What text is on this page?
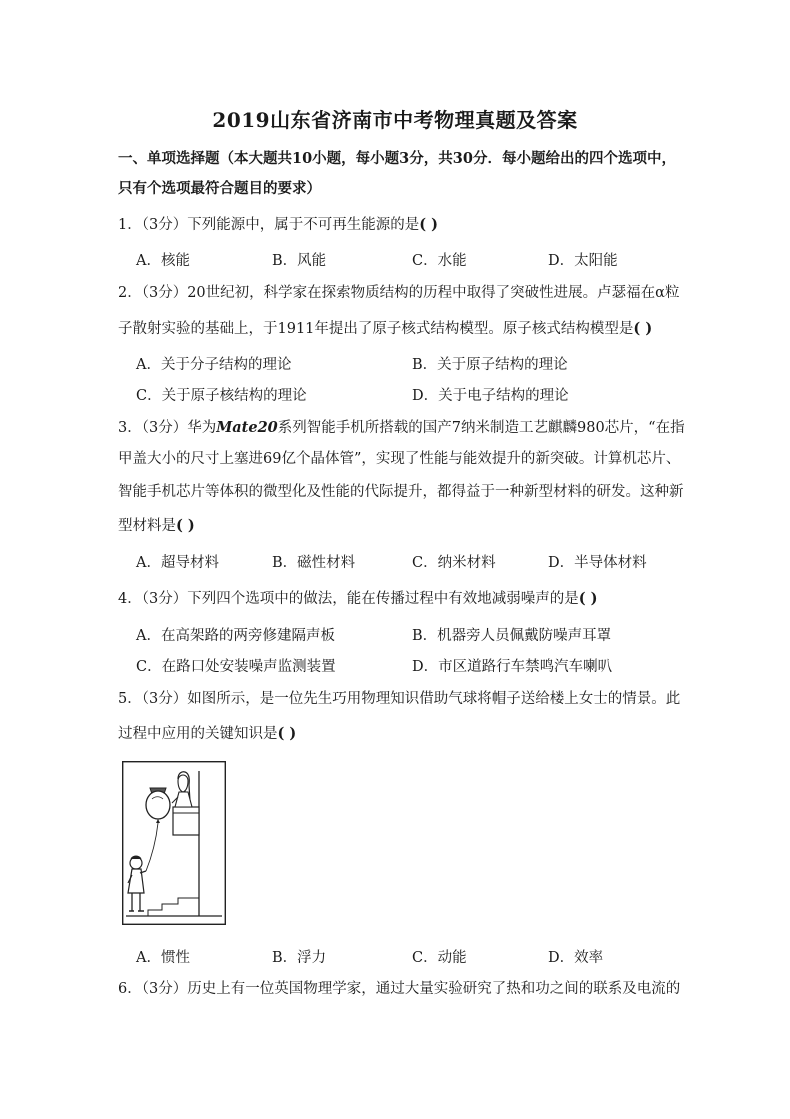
2019山东省济南市中考物理真题及答案
一、单项选择题（本大题共10小题，每小题3分，共30分．每小题给出的四个选项中，
只有个选项最符合题目的要求）
1．（3分）下列能源中，属于不可再生能源的是( )
A．核能	B．风能	C．水能	D．太阳能
2．（3分）20世纪初，科学家在探索物质结构的历程中取得了突破性进展。卢瑟福在α粒
子散射实验的基础上，于1911年提出了原子核式结构模型。原子核式结构模型是( )
A．关于分子结构的理论	B．关于原子结构的理论
C．关于原子核结构的理论	D．关于电子结构的理论
3．（3分）华为Mate20系列智能手机所搭载的国产7纳米制造工艺麒麟980芯片，“在指
甲盖大小的尺寸上塞进69亿个晶体管”，实现了性能与能效提升的新突破。计算机芯片、
智能手机芯片等体积的微型化及性能的代际提升，都得益于一种新型材料的研发。这种新
型材料是( )
A．超导材料	B．磁性材料	C．纳米材料	D．半导体材料
4．（3分）下列四个选项中的做法，能在传播过程中有效地减弱噪声的是( )
A．在高架路的两旁修建隔声板	B．机器旁人员佩戴防噪声耳罩
C．在路口处安装噪声监测装置	D．市区道路行车禁鸣汽车喇叭
5．（3分）如图所示，是一位先生巧用物理知识借助气球将帽子送给楼上女士的情景。此
过程中应用的关键知识是( )
A．惯性	B．浮力	C．动能	D．效率
6．（3分）历史上有一位英国物理学家，通过大量实验研究了热和功之间的联系及电流的
